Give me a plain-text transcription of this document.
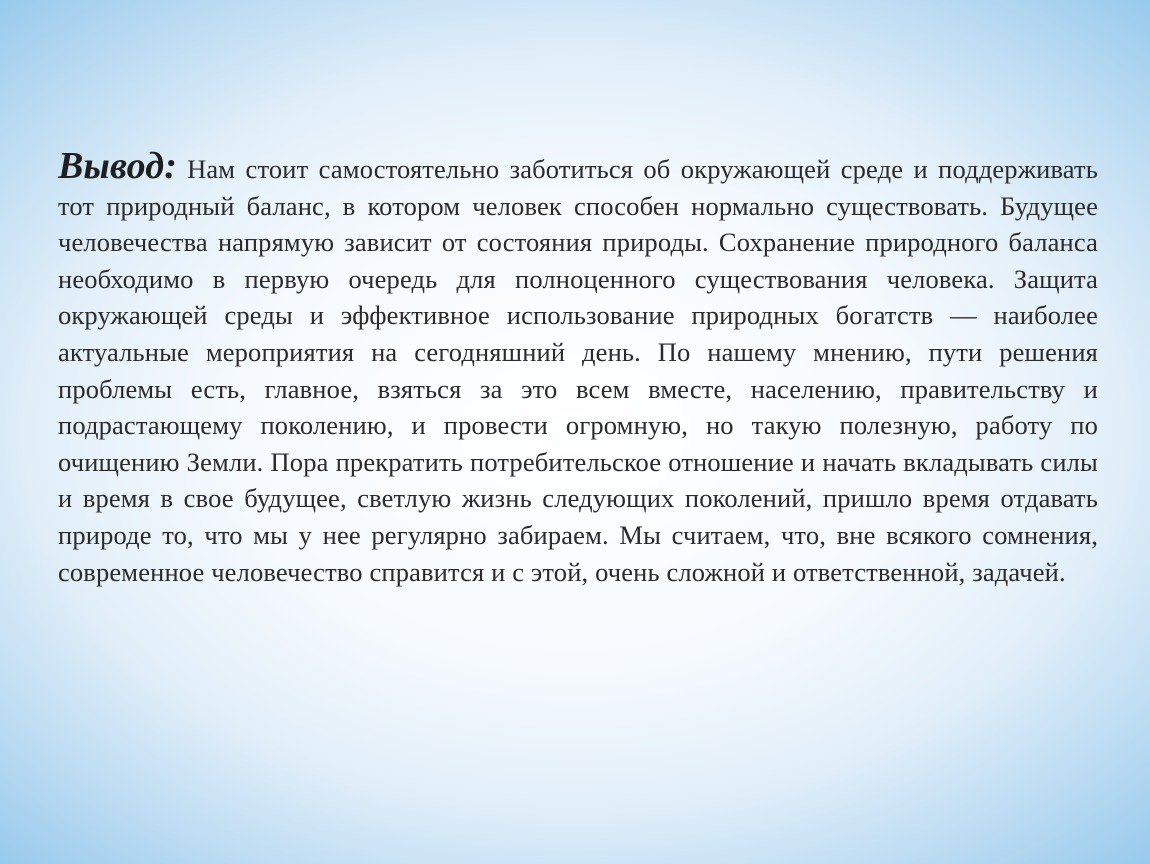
Вывод: Нам стоит самостоятельно заботиться об окружающей среде и поддерживать тот природный баланс, в котором человек способен нормально существовать. Будущее человечества напрямую зависит от состояния природы. Сохранение природного баланса необходимо в первую очередь для полноценного существования человека. Защита окружающей среды и эффективное использование природных богатств — наиболее актуальные мероприятия на сегодняшний день. По нашему мнению, пути решения проблемы есть, главное, взяться за это всем вместе, населению, правительству и подрастающему поколению, и провести огромную, но такую полезную, работу по очищению Земли. Пора прекратить потребительское отношение и начать вкладывать силы и время в свое будущее, светлую жизнь следующих поколений, пришло время отдавать природе то, что мы у нее регулярно забираем. Мы считаем, что, вне всякого сомнения, современное человечество справится и с этой, очень сложной и ответственной, задачей.
